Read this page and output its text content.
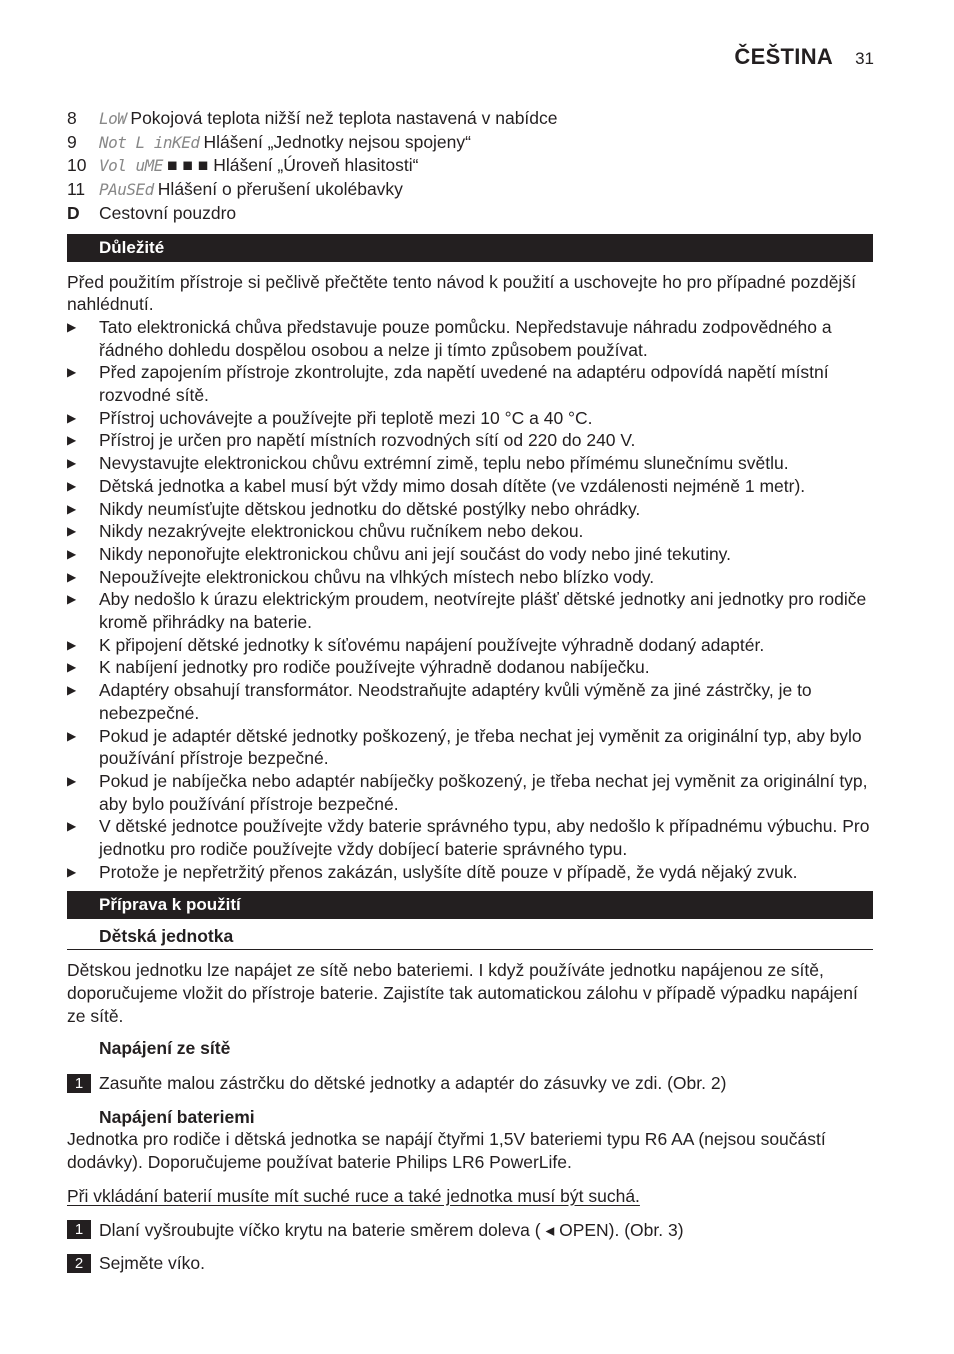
ČEŠTINA 31
8	LoW Pokojová teplota nižší než teplota nastavená v nabídce
9	Not L inKEd Hlášení „Jednotky nejsou spojeny“
10 Vol uME ■ ■ ■ Hlášení „Úroveň hlasitosti“
11 PAuSEd Hlášení o přerušení ukolébavky
D	Cestovní pouzdro
Důležité

Před použitím přístroje si pečlivě přečtěte tento návod k použití a uschovejte ho pro případné pozdější nahlédnutí.

▶	Tato elektronická chůva představuje pouze pomůcku. Nepředstavuje náhradu zodpovědného a řádného dohledu dospělou osobou a nelze ji tímto způsobem používat.
▶	Před zapojením přístroje zkontrolujte, zda napětí uvedené na adaptéru odpovídá napětí místní rozvodné sítě.
▶	Přístroj uchovávejte a používejte při teplotě mezi 10 °C a 40 °C.
▶	Přístroj je určen pro napětí místních rozvodných sítí od 220 do 240 V.
▶	Nevystavujte elektronickou chůvu extrémní zimě, teplu nebo přímému slunečnímu světlu.
▶	Dětská jednotka a kabel musí být vždy mimo dosah dítěte (ve vzdálenosti nejméně 1 metr).
▶	Nikdy neumísťujte dětskou jednotku do dětské postýlky nebo ohrádky.
▶	Nikdy nezakrývejte elektronickou chůvu ručníkem nebo dekou.
▶	Nikdy neponořujte elektronickou chůvu ani její součást do vody nebo jiné tekutiny.
▶	Nepoužívejte elektronickou chůvu na vlhkých místech nebo blízko vody.
▶	Aby nedošlo k úrazu elektrickým proudem, neotvírejte plášť dětské jednotky ani jednotky pro rodiče kromě přihrádky na baterie.
▶	K připojení dětské jednotky k síťovému napájení používejte výhradně dodaný adaptér.
▶	K nabíjení jednotky pro rodiče používejte výhradně dodanou nabíječku.
▶	Adaptéry obsahují transformátor. Neodstraňujte adaptéry kvůli výměně za jiné zástrčky, je to nebezpečné.
▶	Pokud je adaptér dětské jednotky poškozený, je třeba nechat jej vyměnit za originální typ, aby bylo používání přístroje bezpečné.
▶	Pokud je nabíječka nebo adaptér nabíječky poškozený, je třeba nechat jej vyměnit za originální typ, aby bylo používání přístroje bezpečné.
▶	V dětské jednotce používejte vždy baterie správného typu, aby nedošlo k případnému výbuchu. Pro jednotku pro rodiče používejte vždy dobíjecí baterie správného typu.
▶	Protože je nepřetržitý přenos zakázán, uslyšíte dítě pouze v případě, že vydá nějaký zvuk.
Příprava k použití
Dětská jednotka

Dětskou jednotku lze napájet ze sítě nebo bateriemi. I když používáte jednotku napájenou ze sítě, doporučujeme vložit do přístroje baterie. Zajistíte tak automatickou zálohu v případě výpadku napájení ze sítě.

Napájení ze sítě
1 Zasuňte malou zástrčku do dětské jednotky a adaptér do zásuvky ve zdi. (Obr. 2)
Napájení bateriemi

Jednotka pro rodiče i dětská jednotka se napájí čtyřmi 1,5V bateriemi typu R6 AA (nejsou součástí dodávky). Doporučujeme používat baterie Philips LR6 PowerLife.

Při vkládání baterií musíte mít suché ruce a také jednotka musí být suchá.

1 Dlaní vyšroubujte víčko krytu na baterie směrem doleva ( ◂ OPEN). (Obr. 3)
2 Sejměte víko.
